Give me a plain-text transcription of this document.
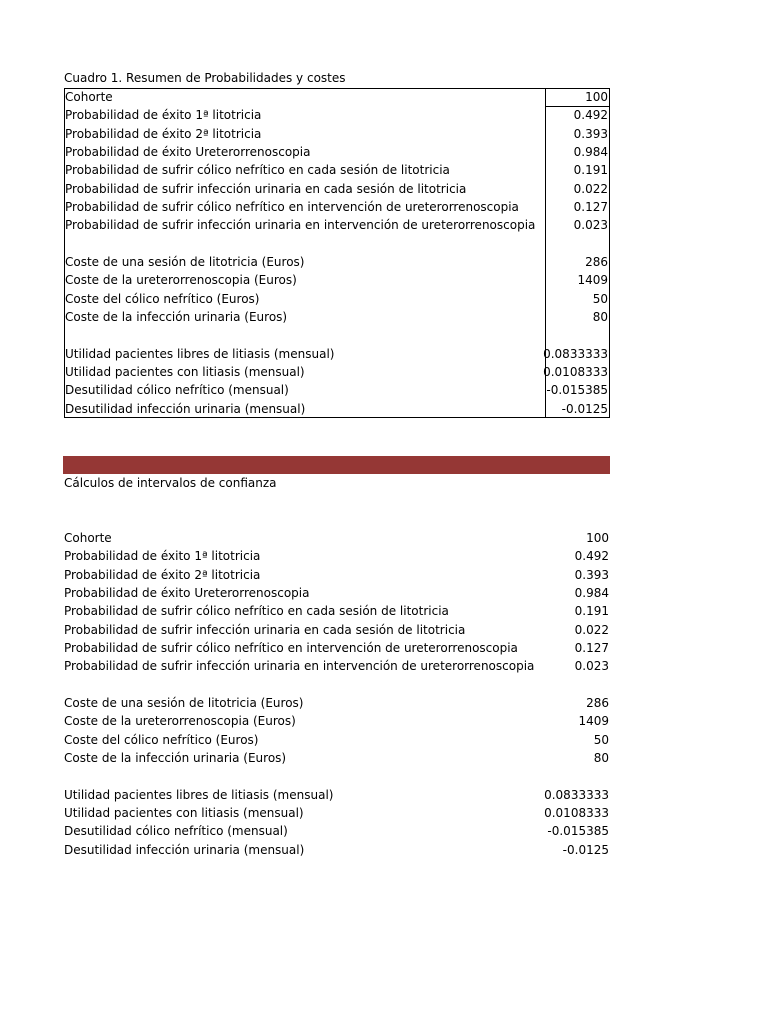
Cuadro 1. Resumen de Probabilidades y costes
Cohorte	100
Probabilidad de éxito 1ª litotricia	0.492
Probabilidad de éxito 2ª litotricia	0.393
Probabilidad de éxito Ureterorrenoscopia	0.984
Probabilidad de sufrir cólico nefrítico en cada sesión de litotricia	0.191
Probabilidad de sufrir infección urinaria en cada sesión de litotricia	0.022
Probabilidad de sufrir cólico nefrítico en intervención de ureterorrenoscopia	0.127
Probabilidad de sufrir infección urinaria en intervención de ureterorrenoscopia	0.023
Coste de una sesión de litotricia (Euros)	286
Coste de la ureterorrenoscopia (Euros)	1409
Coste del cólico nefrítico (Euros)	50
Coste de la infección urinaria (Euros)	80
Utilidad pacientes libres de litiasis (mensual)	0.0833333
Utilidad pacientes con litiasis (mensual)	0.0108333
Desutilidad cólico nefrítico (mensual)	-0.015385
Desutilidad infección urinaria (mensual)	-0.0125
Cálculos de intervalos de confianza
Cohorte	100
Probabilidad de éxito 1ª litotricia	0.492
Probabilidad de éxito 2ª litotricia	0.393
Probabilidad de éxito Ureterorrenoscopia	0.984
Probabilidad de sufrir cólico nefrítico en cada sesión de litotricia	0.191
Probabilidad de sufrir infección urinaria en cada sesión de litotricia	0.022
Probabilidad de sufrir cólico nefrítico en intervención de ureterorrenoscopia	0.127
Probabilidad de sufrir infección urinaria en intervención de ureterorrenoscopia	0.023
Coste de una sesión de litotricia (Euros)	286
Coste de la ureterorrenoscopia (Euros)	1409
Coste del cólico nefrítico (Euros)	50
Coste de la infección urinaria (Euros)	80
Utilidad pacientes libres de litiasis (mensual)	0.0833333
Utilidad pacientes con litiasis (mensual)	0.0108333
Desutilidad cólico nefrítico (mensual)	-0.015385
Desutilidad infección urinaria (mensual)	-0.0125
